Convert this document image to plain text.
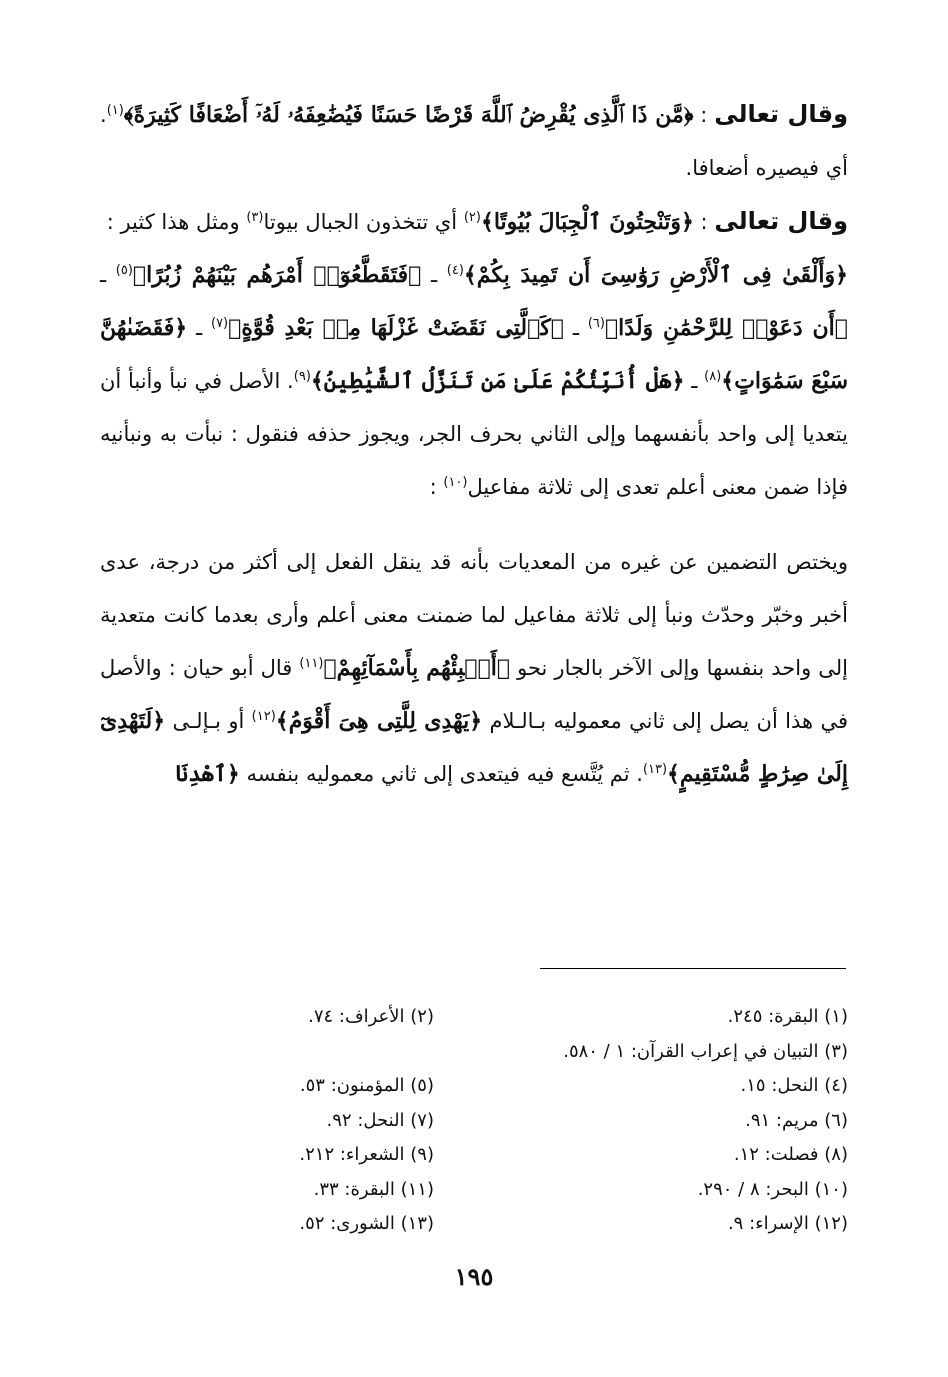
وقال تعالى : ﴿مَّن ذَا ٱلَّذِى يُقْرِضُ ٱللَّهَ قَرْضًا حَسَنًا فَيُضَٰعِفَهُۥ لَهُۥٓ أَضْعَافًا كَثِيرَةً﴾$^{(١)}$. أي فيصيره أضعافا.

وقال تعالى : ﴿وَتَنْحِتُونَ ٱلْجِبَالَ بُيُوتًا﴾$^{(٢)}$ أي تتخذون الجبال بيوتا$^{(٣)}$ ومثل هذا كثير :

﴿وَأَلْقَىٰ فِى ٱلْأَرْضِ رَوَٰسِىَ أَن تَمِيدَ بِكُمْ﴾$^{(٤)}$ ـ ﴿فَتَقَطَّعُوٓا۟ أَمْرَهُم بَيْنَهُمْ زُبُرًا﴾$^{(٥)}$ ـ ﴿أَن دَعَوْا۟ لِلرَّحْمَٰنِ وَلَدًا﴾$^{(٦)}$ ـ ﴿كَٱلَّتِى نَقَضَتْ غَزْلَهَا مِنۢ بَعْدِ قُوَّةٍ﴾$^{(٧)}$ ـ ﴿فَقَضَىٰهُنَّ سَبْعَ سَمَٰوَاتٍ﴾$^{(٨)}$ ـ ﴿هَلْ أُنَبِّئُكُمْ عَلَىٰ مَن تَنَزَّلُ ٱلشَّيَٰطِينُ﴾$^{(٩)}$. الأصل في نبأ وأنبأ أن يتعديا إلى واحد بأنفسهما وإلى الثاني بحرف الجر، ويجوز حذفه فنقول : نبأت به ونبأنيه فإذا ضمن معنى أعلم تعدى إلى ثلاثة مفاعيل$^{(١٠)}$ :

ويختص التضمين عن غيره من المعديات بأنه قد ينقل الفعل إلى أكثر من درجة، عدى أخبر وخبّر وحدّث ونبأ إلى ثلاثة مفاعيل لما ضمنت معنى أعلم وأرى بعدما كانت متعدية إلى واحد بنفسها وإلى الآخر بالجار نحو ﴿أَنۢبِئْهُم بِأَسْمَآئِهِمْ﴾$^{(١١)}$ قال أبو حيان : والأصل في هذا أن يصل إلى ثاني معموليه بـالـلام ﴿يَهْدِى لِلَّتِى هِىَ أَقْوَمُ﴾$^{(١٢)}$ أو بـإلـى ﴿لَتَهْدِىٓ إِلَىٰ صِرَٰطٍ مُّسْتَقِيمٍ﴾$^{(١٣)}$. ثم يُتَّسع فيه فيتعدى إلى ثاني معموليه بنفسه ﴿ٱهْدِنَا

(١) البقرة: ٢٤٥.
(٢) الأعراف: ٧٤.
(٣) التبيان في إعراب القرآن: ١ / ٥٨٠.
(٤) النحل: ١٥.
(٥) المؤمنون: ٥٣.
(٦) مريم: ٩١.
(٧) النحل: ٩٢.
(٨) فصلت: ١٢.
(٩) الشعراء: ٢١٢.
(١٠) البحر: ٨ / ٢٩٠.
(١١) البقرة: ٣٣.
(١٢) الإسراء: ٩.
(١٣) الشورى: ٥٢.
١٩٥
